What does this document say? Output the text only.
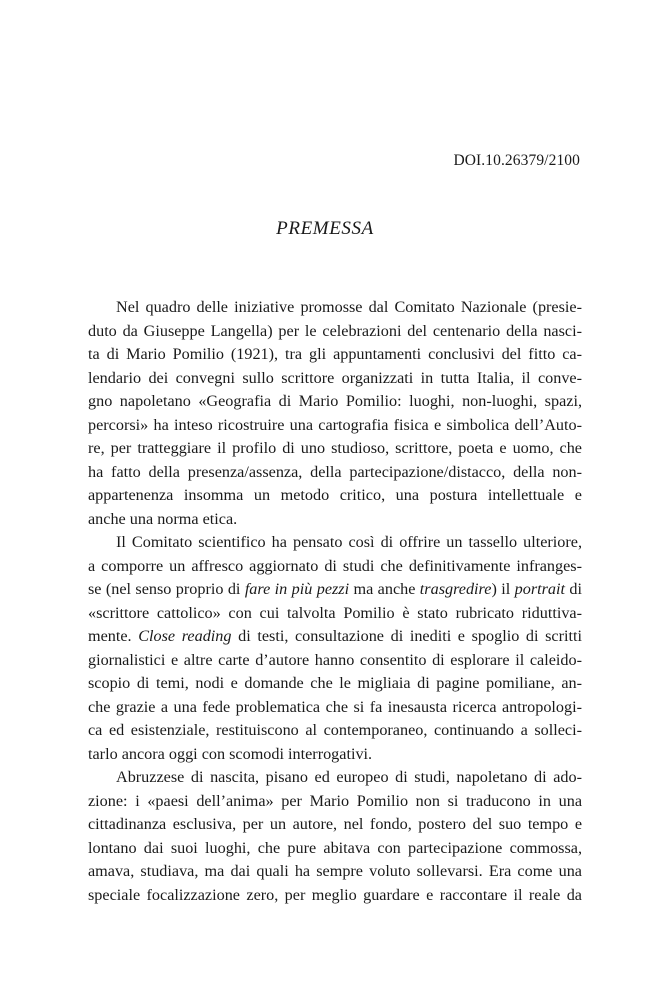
DOI.10.26379/2100
PREMESSA
Nel quadro delle iniziative promosse dal Comitato Nazionale (presie-
duto da Giuseppe Langella) per le celebrazioni del centenario della nasci-
ta di Mario Pomilio (1921), tra gli appuntamenti conclusivi del fitto ca-
lendario dei convegni sullo scrittore organizzati in tutta Italia, il conve-
gno napoletano «Geografia di Mario Pomilio: luoghi, non-luoghi, spazi,
percorsi» ha inteso ricostruire una cartografia fisica e simbolica dell’Auto-
re, per tratteggiare il profilo di uno studioso, scrittore, poeta e uomo, che
ha fatto della presenza/assenza, della partecipazione/distacco, della non-
appartenenza insomma un metodo critico, una postura intellettuale e
anche una norma etica.
Il Comitato scientifico ha pensato così di offrire un tassello ulteriore,
a comporre un affresco aggiornato di studi che definitivamente infranges-
se (nel senso proprio di fare in più pezzi ma anche trasgredire) il portrait di
«scrittore cattolico» con cui talvolta Pomilio è stato rubricato riduttiva-
mente. Close reading di testi, consultazione di inediti e spoglio di scritti
giornalistici e altre carte d’autore hanno consentito di esplorare il caleido-
scopio di temi, nodi e domande che le migliaia di pagine pomiliane, an-
che grazie a una fede problematica che si fa inesausta ricerca antropologi-
ca ed esistenziale, restituiscono al contemporaneo, continuando a solleci-
tarlo ancora oggi con scomodi interrogativi.
Abruzzese di nascita, pisano ed europeo di studi, napoletano di ado-
zione: i «paesi dell’anima» per Mario Pomilio non si traducono in una
cittadinanza esclusiva, per un autore, nel fondo, postero del suo tempo e
lontano dai suoi luoghi, che pure abitava con partecipazione commossa,
amava, studiava, ma dai quali ha sempre voluto sollevarsi. Era come una
speciale focalizzazione zero, per meglio guardare e raccontare il reale da
